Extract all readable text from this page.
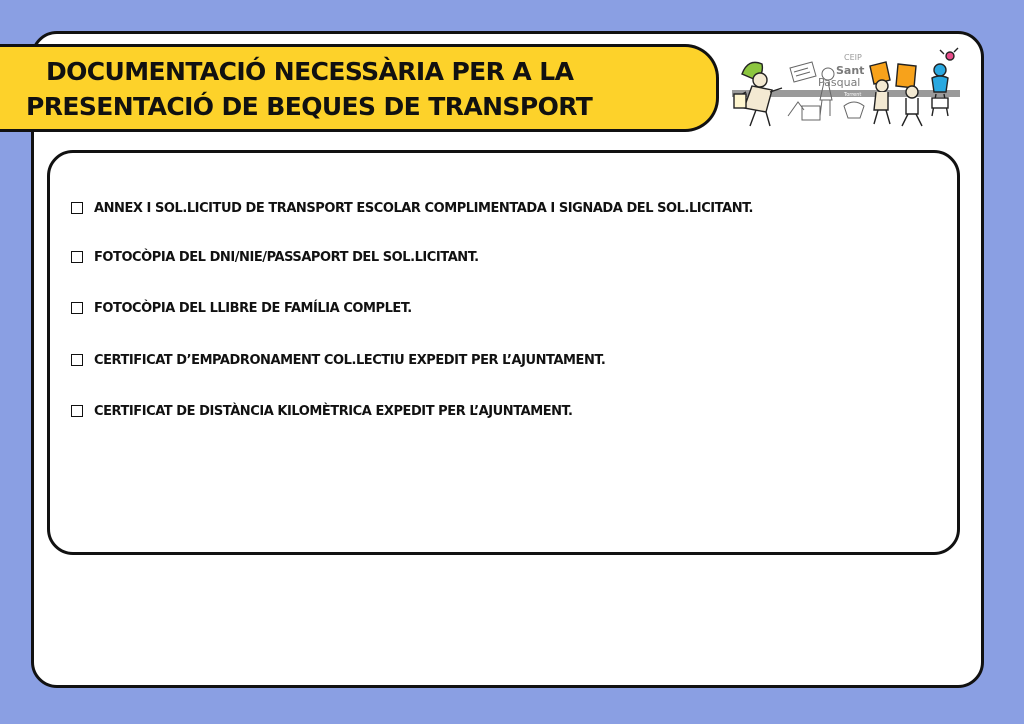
DOCUMENTACIÓ NECESSÀRIA PER A LA
PRESENTACIÓ DE BEQUES DE TRANSPORT
CEIP
Sant
Pasqual
Torrent
ANNEX I SOL.LICITUD DE TRANSPORT ESCOLAR COMPLIMENTADA I SIGNADA DEL SOL.LICITANT.
FOTOCÒPIA DEL DNI/NIE/PASSAPORT DEL SOL.LICITANT.
FOTOCÒPIA DEL LLIBRE DE FAMÍLIA COMPLET.
CERTIFICAT D’EMPADRONAMENT COL.LECTIU EXPEDIT PER L’AJUNTAMENT.
CERTIFICAT DE DISTÀNCIA KILOMÈTRICA EXPEDIT PER L’AJUNTAMENT.
